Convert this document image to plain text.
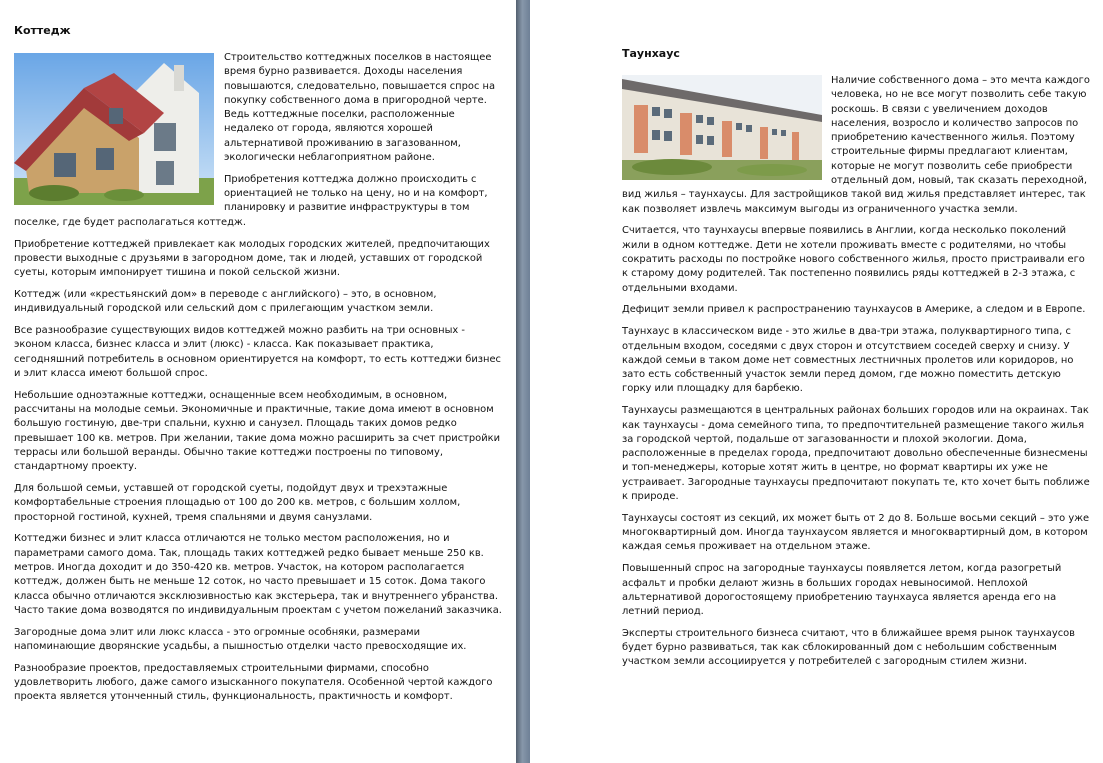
Коттедж

Строительство коттеджных поселков в настоящее время бурно развивается. Доходы населения повышаются, следовательно, повышается спрос на покупку собственного дома в пригородной черте. Ведь коттеджные поселки, расположенные недалеко от города, являются хорошей альтернативой проживанию в загазованном, экологически неблагоприятном районе.

Приобретения коттеджа должно происходить с ориентацией не только на цену, но и на комфорт, планировку и развитие инфраструктуры в том поселке, где будет располагаться коттедж.

Приобретение коттеджей привлекает как молодых городских жителей, предпочитающих провести выходные с друзьями в загородном доме, так и людей, уставших от городской суеты, которым импонирует тишина и покой сельской жизни.

Коттедж (или «крестьянский дом» в переводе с английского) – это, в основном, индивидуальный городской или сельский дом с прилегающим участком земли.

Все разнообразие существующих видов коттеджей можно разбить на три основных - эконом класса, бизнес класса и элит (люкс) - класса. Как показывает практика, сегодняшний потребитель в основном ориентируется на комфорт, то есть коттеджи бизнес и элит класса имеют большой спрос.

Небольшие одноэтажные коттеджи, оснащенные всем необходимым, в основном, рассчитаны на молодые семьи. Экономичные и практичные, такие дома имеют в основном большую гостиную, две-три спальни, кухню и санузел. Площадь таких домов редко превышает 100 кв. метров. При желании, такие дома можно расширить за счет пристройки террасы или большой веранды. Обычно такие коттеджи построены по типовому, стандартному проекту.

Для большой семьи, уставшей от городской суеты, подойдут двух и трехэтажные комфортабельные строения площадью от 100 до 200 кв. метров, с большим холлом, просторной гостиной, кухней, тремя спальнями и двумя санузлами.

Коттеджи бизнес и элит класса отличаются не только местом расположения, но и параметрами самого дома. Так, площадь таких коттеджей редко бывает меньше 250 кв. метров. Иногда доходит и до 350-420 кв. метров. Участок, на котором располагается коттедж, должен быть не меньше 12 соток, но часто превышает и 15 соток. Дома такого класса обычно отличаются эксклюзивностью как экстерьера, так и внутреннего убранства. Часто такие дома возводятся по индивидуальным проектам с учетом пожеланий заказчика.

Загородные дома элит или люкс класса - это огромные особняки, размерами напоминающие дворянские усадьбы, а пышностью отделки часто превосходящие их.

Разнообразие проектов, предоставляемых строительными фирмами, способно удовлетворить любого, даже самого изысканного покупателя. Особенной чертой каждого проекта является утонченный стиль, функциональность, практичность и комфорт.

Таунхаус

Наличие собственного дома – это мечта каждого человека, но не все могут позволить себе такую роскошь. В связи с увеличением доходов населения, возросло и количество запросов по приобретению качественного жилья. Поэтому строительные фирмы предлагают клиентам, которые не могут позволить себе приобрести отдельный дом, новый, так сказать переходной, вид жилья – таунхаусы. Для застройщиков такой вид жилья представляет интерес, так как позволяет извлечь максимум выгоды из ограниченного участка земли.

Считается, что таунхаусы впервые появились в Англии, когда несколько поколений жили в одном коттедже. Дети не хотели проживать вместе с родителями, но чтобы сократить расходы по постройке нового собственного жилья, просто пристраивали его к старому дому родителей. Так постепенно появились ряды коттеджей в 2-3 этажа, с отдельными входами.

Дефицит земли привел к распространению таунхаусов в Америке, а следом и в Европе.

Таунхаус в классическом виде - это жилье в два-три этажа, полуквартирного типа, с отдельным входом, соседями с двух сторон и отсутствием соседей сверху и снизу. У каждой семьи в таком доме нет совместных лестничных пролетов или коридоров, но зато есть собственный участок земли перед домом, где можно поместить детскую горку или площадку для барбекю.

Таунхаусы размещаются в центральных районах больших городов или на окраинах. Так как таунхаусы - дома семейного типа, то предпочтительней размещение такого жилья за городской чертой, подальше от загазованности и плохой экологии. Дома, расположенные в пределах города, предпочитают довольно обеспеченные бизнесмены и топ-менеджеры, которые хотят жить в центре, но формат квартиры их уже не устраивает. Загородные таунхаусы предпочитают покупать те, кто хочет быть поближе к природе.

Таунхаусы состоят из секций, их может быть от 2 до 8. Больше восьми секций – это уже многоквартирный дом. Иногда таунхаусом является и многоквартирный дом, в котором каждая семья проживает на отдельном этаже.

Повышенный спрос на загородные таунхаусы появляется летом, когда разогретый асфальт и пробки делают жизнь в больших городах невыносимой. Неплохой альтернативой дорогостоящему приобретению таунхауса является аренда его на летний период.

Эксперты строительного бизнеса считают, что в ближайшее время рынок таунхаусов будет бурно развиваться, так как сблокированный дом с небольшим собственным участком земли ассоциируется у потребителей с загородным стилем жизни.
